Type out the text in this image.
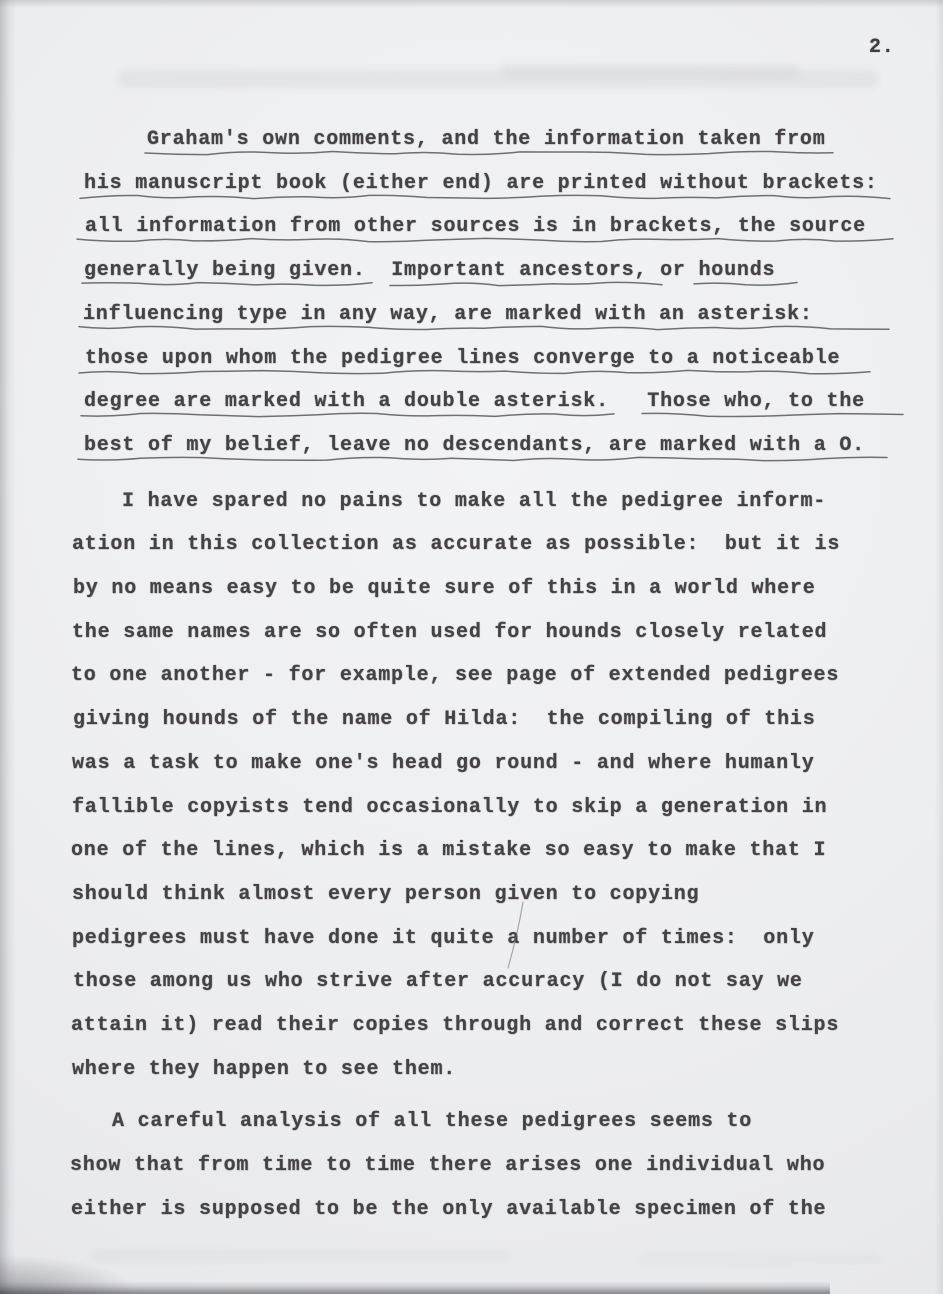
2.
Graham's own comments, and the information taken from
his manuscript book (either end) are printed without brackets:
all information from other sources is in brackets, the source
generally being given.  Important ancestors, or hounds
influencing type in any way, are marked with an asterisk:
those upon whom the pedigree lines converge to a noticeable
degree are marked with a double asterisk.   Those who, to the
best of my belief, leave no descendants, are marked with a O.
I have spared no pains to make all the pedigree inform-
ation in this collection as accurate as possible:  but it is
by no means easy to be quite sure of this in a world where
the same names are so often used for hounds closely related
to one another - for example, see page of extended pedigrees
giving hounds of the name of Hilda:  the compiling of this
was a task to make one's head go round - and where humanly
fallible copyists tend occasionally to skip a generation in
one of the lines, which is a mistake so easy to make that I
should think almost every person given to copying
pedigrees must have done it quite a number of times:  only
those among us who strive after accuracy (I do not say we
attain it) read their copies through and correct these slips
where they happen to see them.
A careful analysis of all these pedigrees seems to
show that from time to time there arises one individual who
either is supposed to be the only available specimen of the
